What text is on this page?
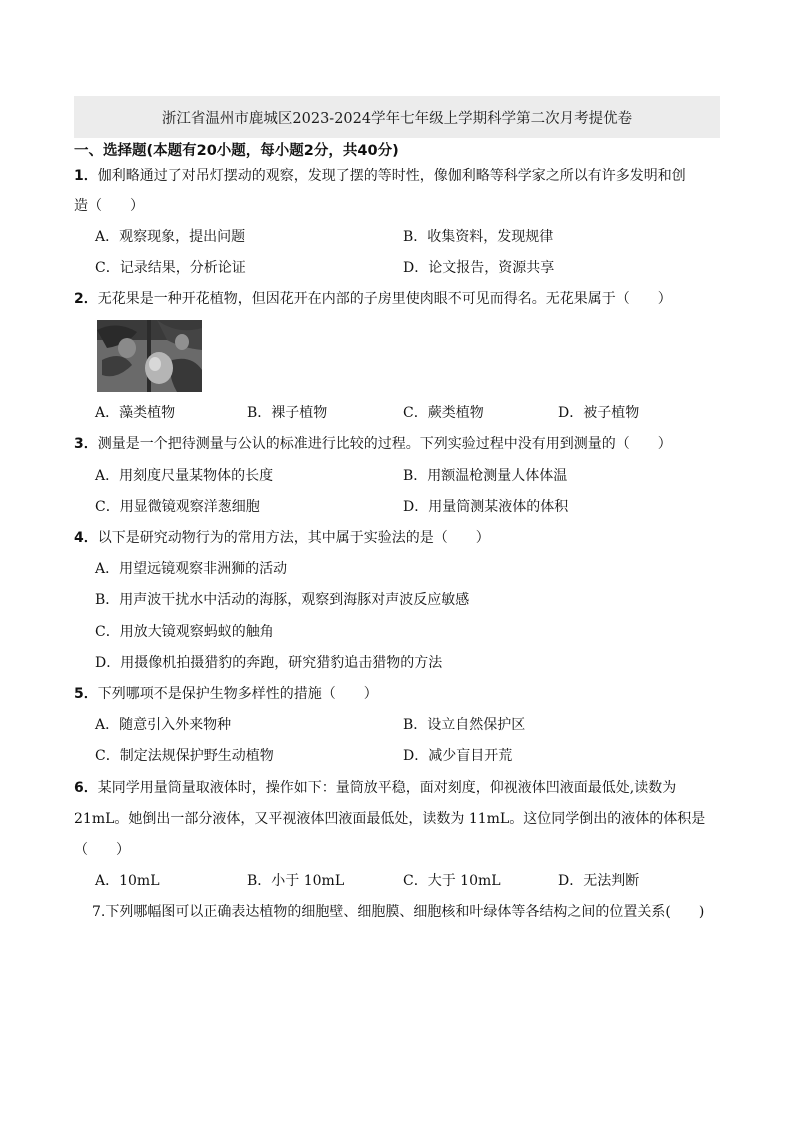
浙江省温州市鹿城区2023-2024学年七年级上学期科学第二次月考提优卷
一、选择题(本题有20小题，每小题2分，共40分)
1．伽利略通过了对吊灯摆动的观察，发现了摆的等时性，像伽利略等科学家之所以有许多发明和创
造（　　）
A．观察现象，提出问题	B．收集资料，发现规律
C．记录结果，分析论证	D．论文报告，资源共享
2．无花果是一种开花植物，但因花开在内部的子房里使肉眼不可见而得名。无花果属于（　　）
A．藻类植物	B．裸子植物	C．蕨类植物	D．被子植物
3．测量是一个把待测量与公认的标准进行比较的过程。下列实验过程中没有用到测量的（　　）
A．用刻度尺量某物体的长度	B．用额温枪测量人体体温
C．用显微镜观察洋葱细胞	D．用量筒测某液体的体积
4．以下是研究动物行为的常用方法，其中属于实验法的是（　　）
A．用望远镜观察非洲狮的活动
B．用声波干扰水中活动的海豚，观察到海豚对声波反应敏感
C．用放大镜观察蚂蚁的触角
D．用摄像机拍摄猎豹的奔跑，研究猎豹追击猎物的方法
5．下列哪项不是保护生物多样性的措施（　　）
A．随意引入外来物种	B．设立自然保护区
C．制定法规保护野生动植物	D．减少盲目开荒
6．某同学用量筒量取液体时，操作如下：量筒放平稳，面对刻度，仰视液体凹液面最低处,读数为
21mL。她倒出一部分液体，又平视液体凹液面最低处，读数为 11mL。这位同学倒出的液体的体积是
（　　）
A．10mL	B．小于 10mL	C．大于 10mL	D．无法判断
7.下列哪幅图可以正确表达植物的细胞壁、细胞膜、细胞核和叶绿体等各结构之间的位置关系(　　)
